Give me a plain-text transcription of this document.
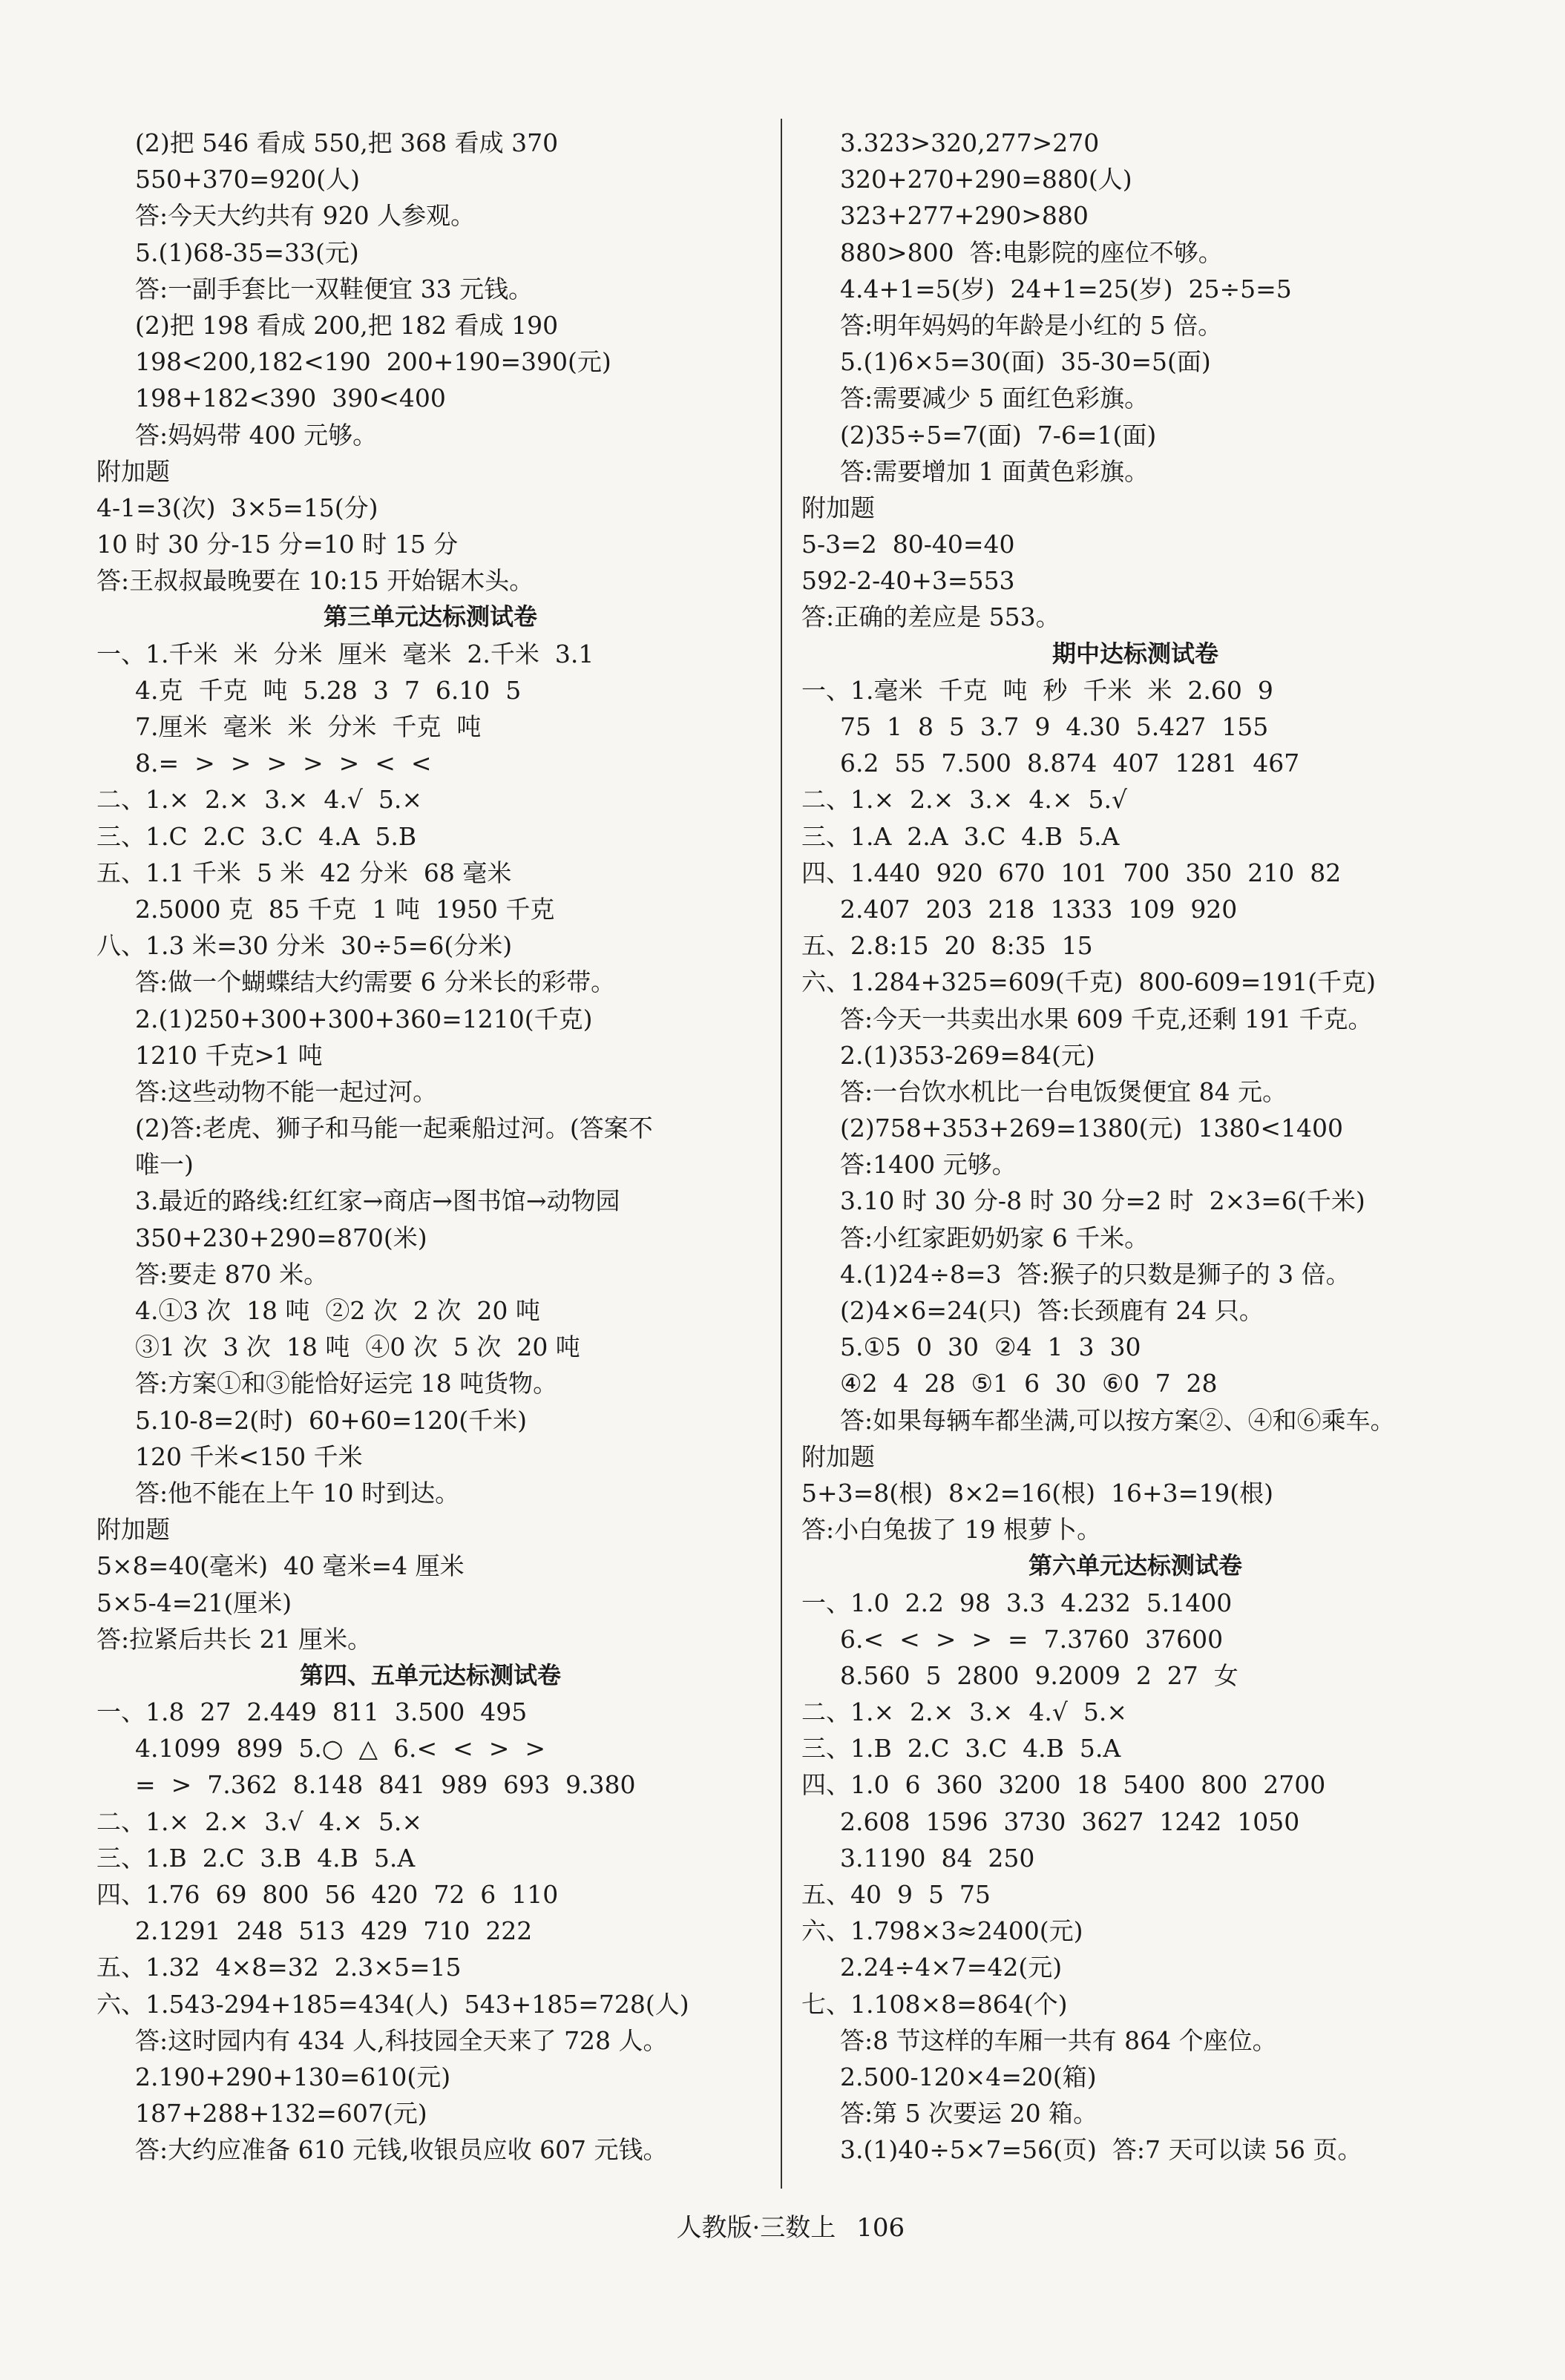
(2)把 546 看成 550,把 368 看成 370
550+370=920(人)
答:今天大约共有 920 人参观。
5.(1)68-35=33(元)
答:一副手套比一双鞋便宜 33 元钱。
(2)把 198 看成 200,把 182 看成 190
198<200,182<190  200+190=390(元)
198+182<390  390<400
答:妈妈带 400 元够。
附加题
4-1=3(次)  3×5=15(分)
10 时 30 分-15 分=10 时 15 分
答:王叔叔最晚要在 10:15 开始锯木头。
第三单元达标测试卷
一、1.千米  米  分米  厘米  毫米  2.千米  3.1
4.克  千克  吨  5.28  3  7  6.10  5
7.厘米  毫米  米  分米  千克  吨
8.=  >  >  >  >  >  <  <
二、1.×  2.×  3.×  4.√  5.×
三、1.C  2.C  3.C  4.A  5.B
五、1.1 千米  5 米  42 分米  68 毫米
2.5000 克  85 千克  1 吨  1950 千克
八、1.3 米=30 分米  30÷5=6(分米)
答:做一个蝴蝶结大约需要 6 分米长的彩带。
2.(1)250+300+300+360=1210(千克)
1210 千克>1 吨
答:这些动物不能一起过河。
(2)答:老虎、狮子和马能一起乘船过河。(答案不
唯一)
3.最近的路线:红红家→商店→图书馆→动物园
350+230+290=870(米)
答:要走 870 米。
4.①3 次  18 吨  ②2 次  2 次  20 吨
③1 次  3 次  18 吨  ④0 次  5 次  20 吨
答:方案①和③能恰好运完 18 吨货物。
5.10-8=2(时)  60+60=120(千米)
120 千米<150 千米
答:他不能在上午 10 时到达。
附加题
5×8=40(毫米)  40 毫米=4 厘米
5×5-4=21(厘米)
答:拉紧后共长 21 厘米。
第四、五单元达标测试卷
一、1.8  27  2.449  811  3.500  495
4.1099  899  5.○  △  6.<  <  >  >
=  >  7.362  8.148  841  989  693  9.380
二、1.×  2.×  3.√  4.×  5.×
三、1.B  2.C  3.B  4.B  5.A
四、1.76  69  800  56  420  72  6  110
2.1291  248  513  429  710  222
五、1.32  4×8=32  2.3×5=15
六、1.543-294+185=434(人)  543+185=728(人)
答:这时园内有 434 人,科技园全天来了 728 人。
2.190+290+130=610(元)
187+288+132=607(元)
答:大约应准备 610 元钱,收银员应收 607 元钱。
3.323>320,277>270
320+270+290=880(人)
323+277+290>880
880>800  答:电影院的座位不够。
4.4+1=5(岁)  24+1=25(岁)  25÷5=5
答:明年妈妈的年龄是小红的 5 倍。
5.(1)6×5=30(面)  35-30=5(面)
答:需要减少 5 面红色彩旗。
(2)35÷5=7(面)  7-6=1(面)
答:需要增加 1 面黄色彩旗。
附加题
5-3=2  80-40=40
592-2-40+3=553
答:正确的差应是 553。
期中达标测试卷
一、1.毫米  千克  吨  秒  千米  米  2.60  9
75  1  8  5  3.7  9  4.30  5.427  155
6.2  55  7.500  8.874  407  1281  467
二、1.×  2.×  3.×  4.×  5.√
三、1.A  2.A  3.C  4.B  5.A
四、1.440  920  670  101  700  350  210  82
2.407  203  218  1333  109  920
五、2.8:15  20  8:35  15
六、1.284+325=609(千克)  800-609=191(千克)
答:今天一共卖出水果 609 千克,还剩 191 千克。
2.(1)353-269=84(元)
答:一台饮水机比一台电饭煲便宜 84 元。
(2)758+353+269=1380(元)  1380<1400
答:1400 元够。
3.10 时 30 分-8 时 30 分=2 时  2×3=6(千米)
答:小红家距奶奶家 6 千米。
4.(1)24÷8=3  答:猴子的只数是狮子的 3 倍。
(2)4×6=24(只)  答:长颈鹿有 24 只。
5.①5  0  30  ②4  1  3  30
④2  4  28  ⑤1  6  30  ⑥0  7  28
答:如果每辆车都坐满,可以按方案②、④和⑥乘车。
附加题
5+3=8(根)  8×2=16(根)  16+3=19(根)
答:小白兔拔了 19 根萝卜。
第六单元达标测试卷
一、1.0  2.2  98  3.3  4.232  5.1400
6.<  <  >  >  =  7.3760  37600
8.560  5  2800  9.2009  2  27  女
二、1.×  2.×  3.×  4.√  5.×
三、1.B  2.C  3.C  4.B  5.A
四、1.0  6  360  3200  18  5400  800  2700
2.608  1596  3730  3627  1242  1050
3.1190  84  250
五、40  9  5  75
六、1.798×3≈2400(元)
2.24÷4×7=42(元)
七、1.108×8=864(个)
答:8 节这样的车厢一共有 864 个座位。
2.500-120×4=20(箱)
答:第 5 次要运 20 箱。
3.(1)40÷5×7=56(页)  答:7 天可以读 56 页。

人教版·三数上 106
